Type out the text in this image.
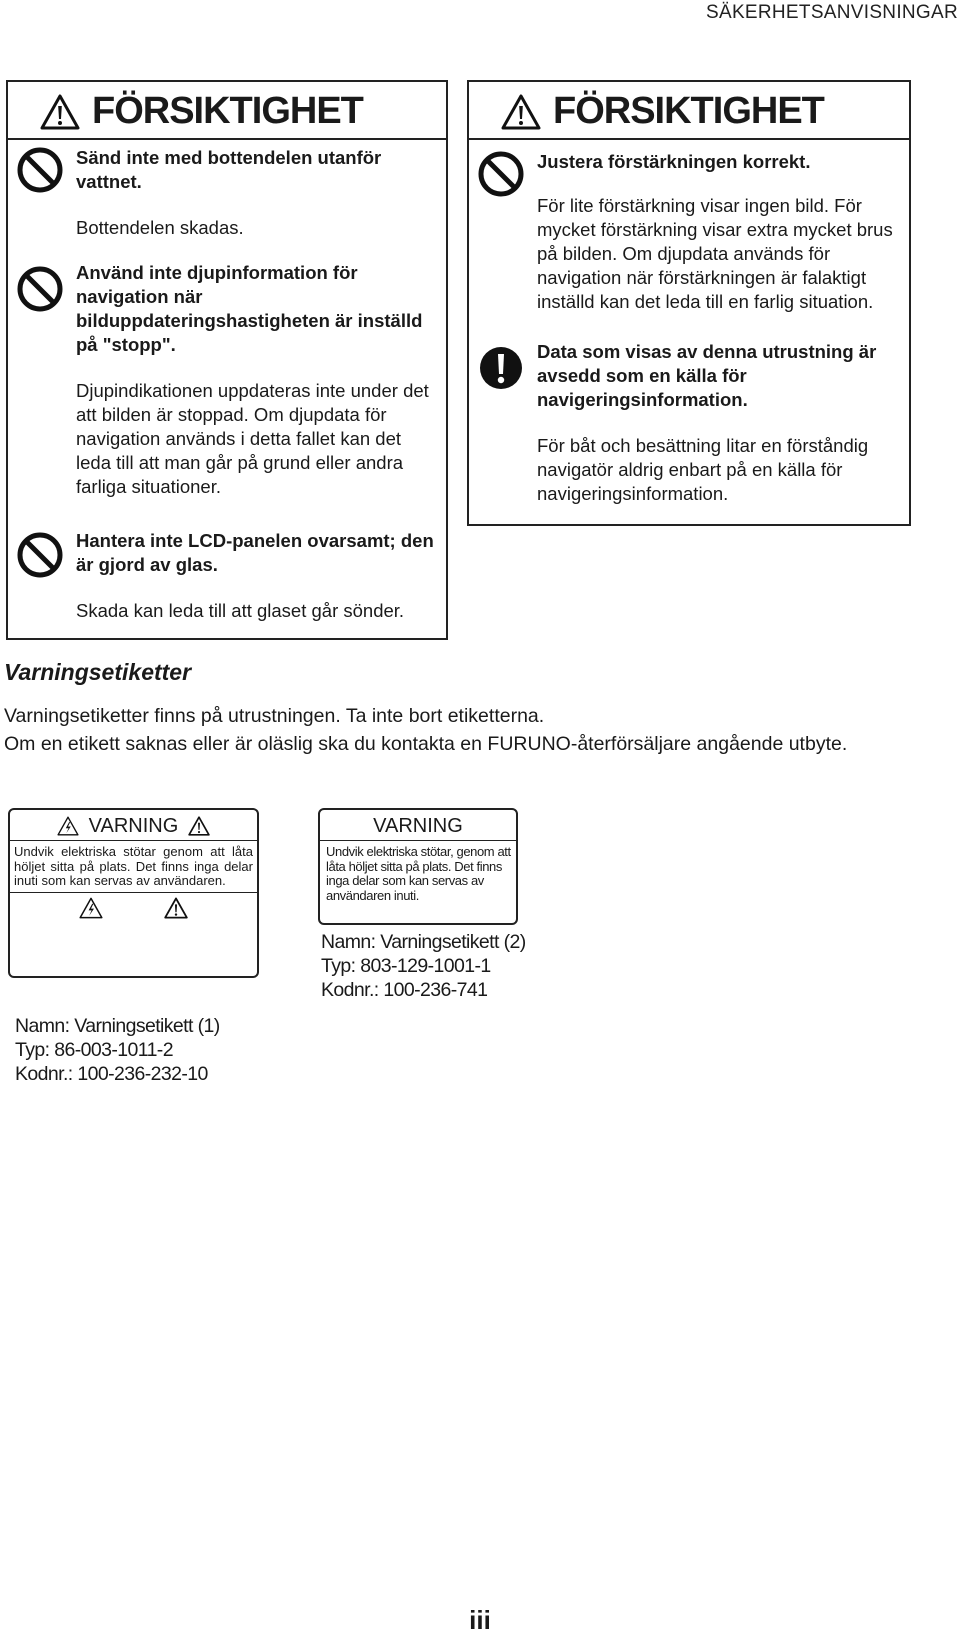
SÄKERHETSANVISNINGAR
FÖRSIKTIGHET
Sänd inte med bottendelen utanför vattnet.
Bottendelen skadas.
Använd inte djupinformation för navigation när bilduppdateringshastigheten är inställd på "stopp".
Djupindikationen uppdateras inte under det att bilden är stoppad. Om djupdata för navigation används i detta fallet kan det leda till att man går på grund eller andra farliga situationer.
Hantera inte LCD-panelen ovarsamt; den är gjord av glas.
Skada kan leda till att glaset går sönder.
FÖRSIKTIGHET
Justera förstärkningen korrekt.
För lite förstärkning visar ingen bild. För mycket förstärkning visar extra mycket brus på bilden. Om djupdata används för navigation när förstärkningen är falaktigt inställd kan det leda till en farlig situation.
Data som visas av denna utrustning är avsedd som en källa för navigeringsinformation.
För båt och besättning litar en förståndig navigatör aldrig enbart på en källa för navigeringsinformation.
Varningsetiketter
Varningsetiketter finns på utrustningen. Ta inte bort etiketterna.
Om en etikett saknas eller är oläslig ska du kontakta en FURUNO-återförsäljare angående utbyte.
VARNING
Undvik elektriska stötar genom att låta höljet sitta på plats. Det finns inga delar inuti som kan servas av användaren.
Namn: Varningsetikett (1)
Typ: 86-003-1011-2
Kodnr.: 100-236-232-10
VARNING
Undvik elektriska stötar, genom att låta höljet sitta på plats. Det finns inga delar som kan servas av användaren inuti.
Namn: Varningsetikett (2)
Typ: 803-129-1001-1
Kodnr.: 100-236-741
iii
